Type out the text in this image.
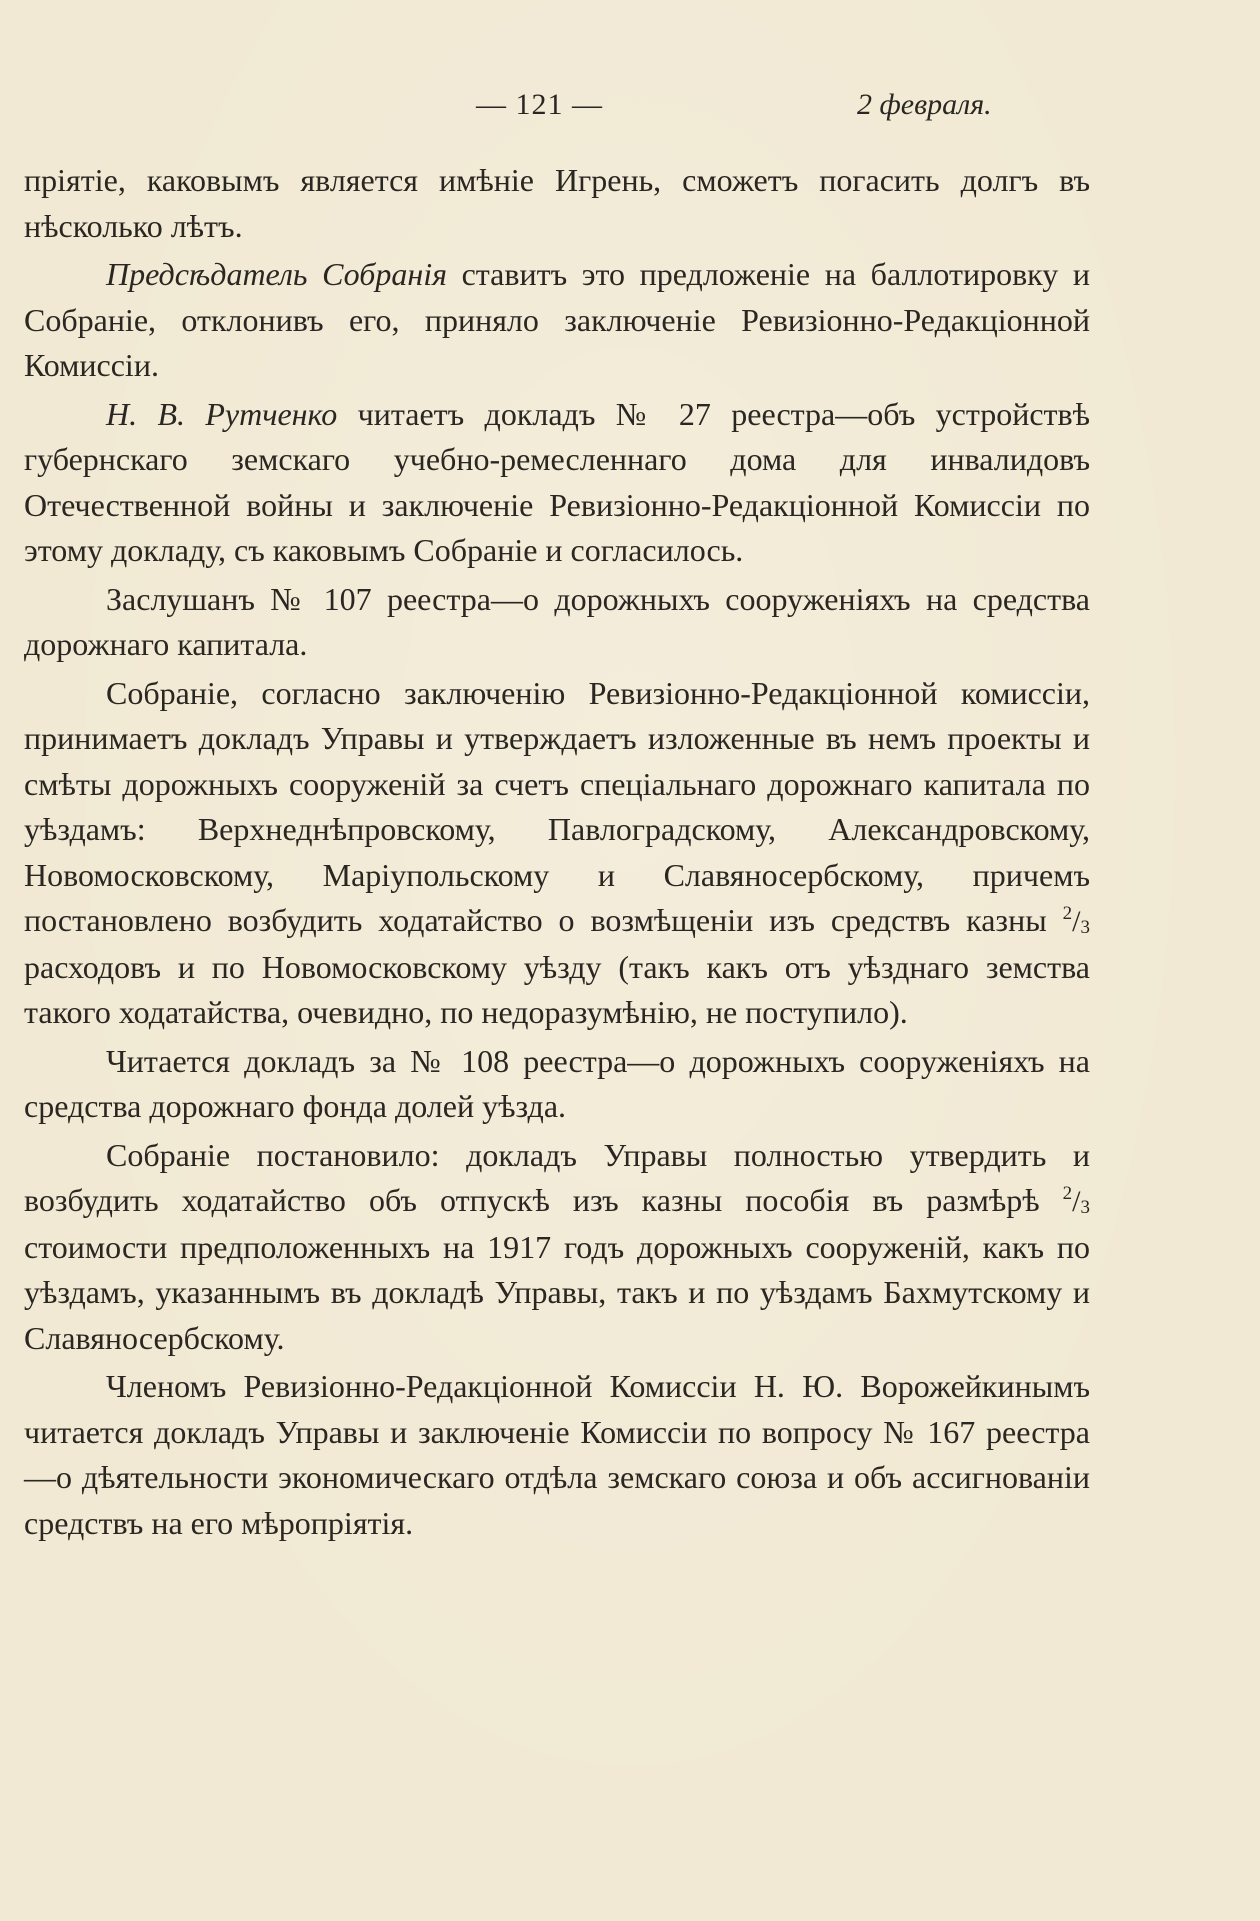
— 121 —	2 февраля.

пріятіе, каковымъ является имѣніе Игрень, сможетъ погасить долгъ въ нѣсколько лѣтъ.

Предсѣдатель Собранія ставитъ это предложеніе на баллотировку и Собраніе, отклонивъ его, приняло заключеніе Ревизіонно-Редакціонной Комиссіи.

Н. В. Рутченко читаетъ докладъ № 27 реестра—объ устройствѣ губернскаго земскаго учебно-ремесленнаго дома для инвалидовъ Отечественной войны и заключеніе Ревизіонно-Редакціонной Комиссіи по этому докладу, съ каковымъ Собраніе и согласилось.

Заслушанъ № 107 реестра—о дорожныхъ сооруженіяхъ на средства дорожнаго капитала.

Собраніе, согласно заключенію Ревизіонно-Редакціонной комиссіи, принимаетъ докладъ Управы и утверждаетъ изложенные въ немъ проекты и смѣты дорожныхъ сооруженій за счетъ спеціальнаго дорожнаго капитала по уѣздамъ: Верхнеднѣпровскому, Павлоградскому, Александровскому, Новомосковскому, Маріупольскому и Славяносербскому, причемъ постановлено возбудить ходатайство о возмѣщеніи изъ средствъ казны $^2/_3$ расходовъ и по Новомосковскому уѣзду (такъ какъ отъ уѣзднаго земства такого ходатайства, очевидно, по недоразумѣнію, не поступило).

Читается докладъ за № 108 реестра—о дорожныхъ сооруженіяхъ на средства дорожнаго фонда долей уѣзда.

Собраніе постановило: докладъ Управы полностью утвердить и возбудить ходатайство объ отпускѣ изъ казны пособія въ размѣрѣ $^2/_3$ стоимости предположенныхъ на 1917 годъ дорожныхъ сооруженій, какъ по уѣздамъ, указаннымъ въ докладѣ Управы, такъ и по уѣздамъ Бахмутскому и Славяносербскому.

Членомъ Ревизіонно-Редакціонной Комиссіи Н. Ю. Ворожейкинымъ читается докладъ Управы и заключеніе Комиссіи по вопросу № 167 реестра—о дѣятельности экономическаго отдѣла земскаго союза и объ ассигнованіи средствъ на его мѣропріятія.
